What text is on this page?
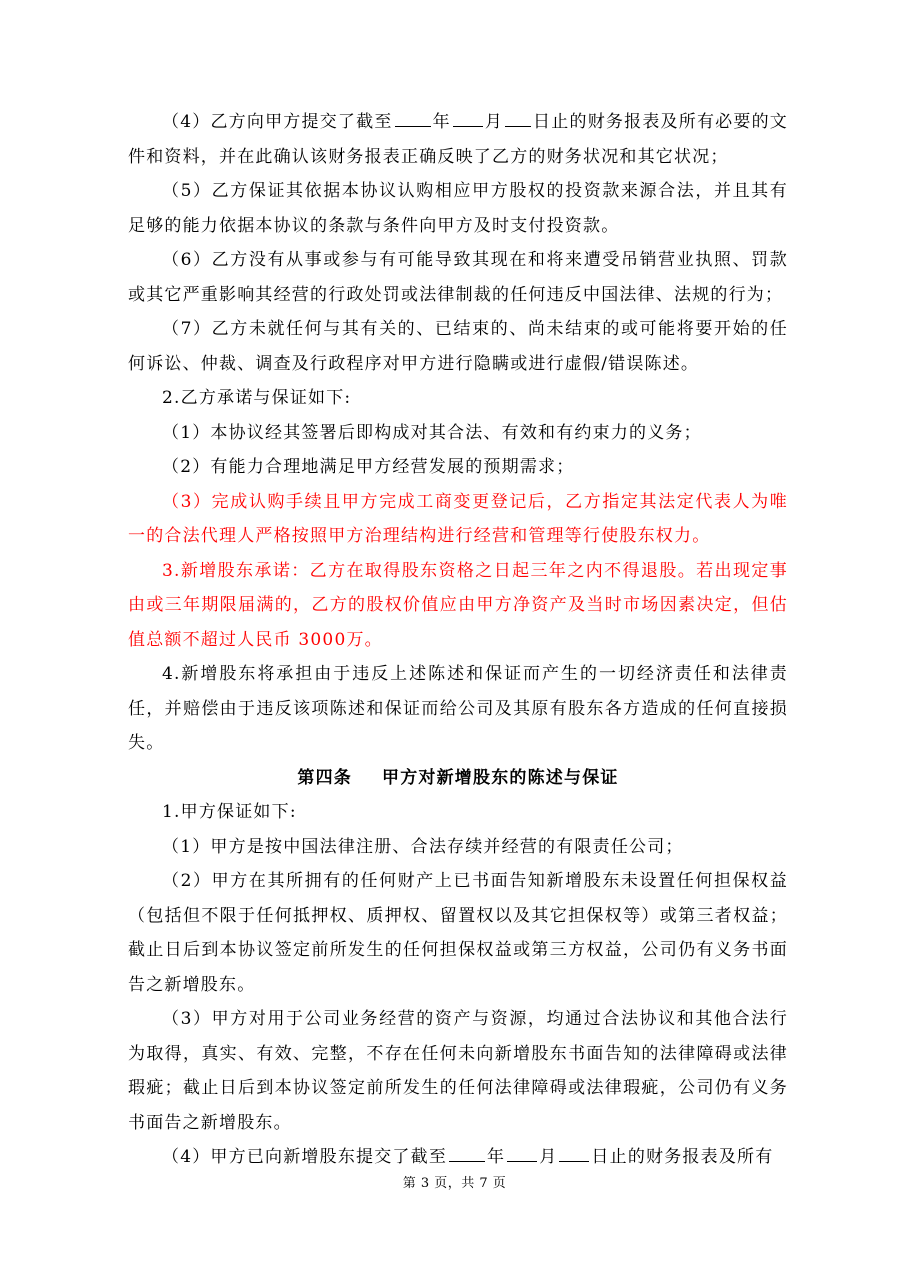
（4）乙方向甲方提交了截至 年 月 日止的财务报表及所有必要的文件和资料，并在此确认该财务报表正确反映了乙方的财务状况和其它状况；

（5）乙方保证其依据本协议认购相应甲方股权的投资款来源合法，并且其有足够的能力依据本协议的条款与条件向甲方及时支付投资款。

（6）乙方没有从事或参与有可能导致其现在和将来遭受吊销营业执照、罚款或其它严重影响其经营的行政处罚或法律制裁的任何违反中国法律、法规的行为；

（7）乙方未就任何与其有关的、已结束的、尚未结束的或可能将要开始的任何诉讼、仲裁、调查及行政程序对甲方进行隐瞒或进行虚假/错误陈述。

2.乙方承诺与保证如下:

（1）本协议经其签署后即构成对其合法、有效和有约束力的义务；

（2）有能力合理地满足甲方经营发展的预期需求；

（3）完成认购手续且甲方完成工商变更登记后，乙方指定其法定代表人为唯一的合法代理人严格按照甲方治理结构进行经营和管理等行使股东权力。

3.新增股东承诺：乙方在取得股东资格之日起三年之内不得退股。若出现定事由或三年期限届满的，乙方的股权价值应由甲方净资产及当时市场因素决定，但估值总额不超过人民币 3000万。

4.新增股东将承担由于违反上述陈述和保证而产生的一切经济责任和法律责任，并赔偿由于违反该项陈述和保证而给公司及其原有股东各方造成的任何直接损失。

第四条 甲方对新增股东的陈述与保证

1.甲方保证如下:

（1）甲方是按中国法律注册、合法存续并经营的有限责任公司；

（2）甲方在其所拥有的任何财产上已书面告知新增股东未设置任何担保权益（包括但不限于任何抵押权、质押权、留置权以及其它担保权等）或第三者权益；截止日后到本协议签定前所发生的任何担保权益或第三方权益，公司仍有义务书面告之新增股东。

（3）甲方对用于公司业务经营的资产与资源，均通过合法协议和其他合法行为取得，真实、有效、完整，不存在任何未向新增股东书面告知的法律障碍或法律瑕疵；截止日后到本协议签定前所发生的任何法律障碍或法律瑕疵，公司仍有义务书面告之新增股东。

（4）甲方已向新增股东提交了截至 年 月 日止的财务报表及所有

第 3 页，共 7 页
